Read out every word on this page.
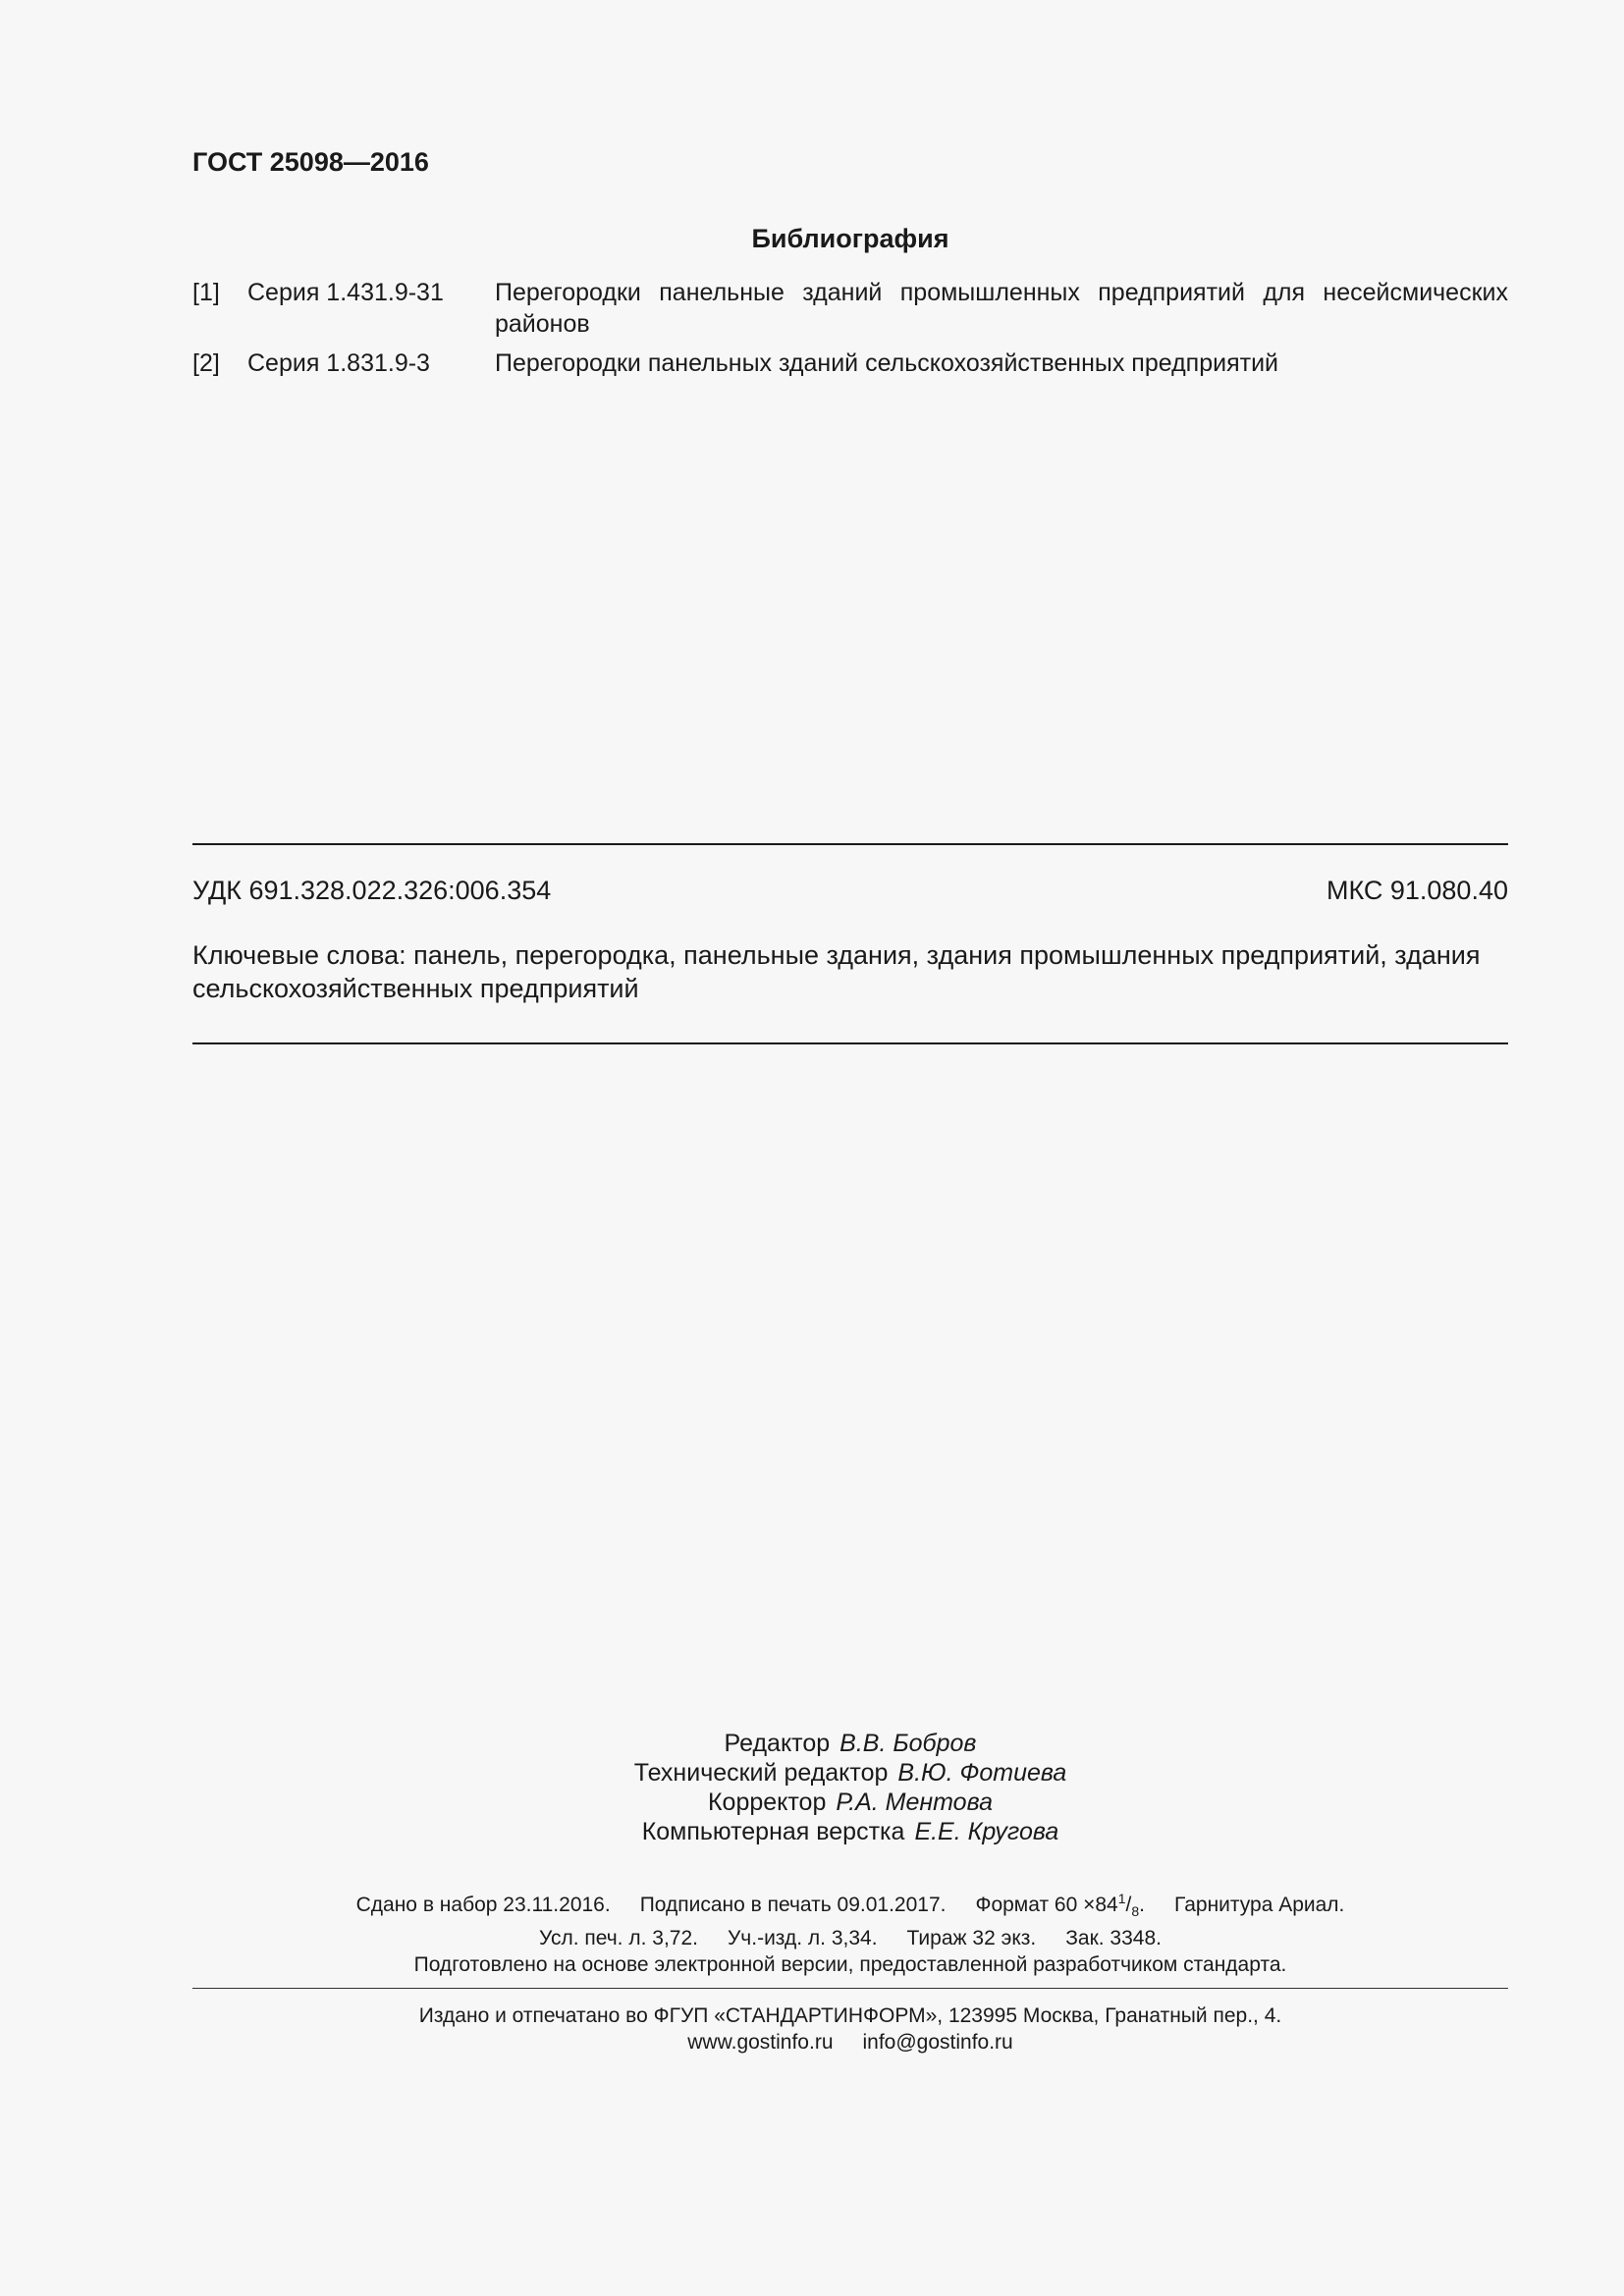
ГОСТ 25098—2016
Библиография
[1] Серия 1.431.9-31 Перегородки панельные зданий промышленных предприятий для несейсмических районов
[2] Серия 1.831.9-3	Перегородки панельных зданий сельскохозяйственных предприятий
УДК 691.328.022.326:006.354	МКС 91.080.40
Ключевые слова: панель, перегородка, панельные здания, здания промышленных предприятий, здания сельскохозяйственных предприятий
Редактор В.В. Бобров
Технический редактор В.Ю. Фотиева
Корректор Р.А. Ментова
Компьютерная верстка Е.Е. Кругова
Сдано в набор 23.11.2016. Подписано в печать 09.01.2017. Формат $60 \times 84^1/_8$. Гарнитура Ариал.
Усл. печ. л. 3,72. Уч.-изд. л. 3,34. Тираж 32 экз. Зак. 3348.
Подготовлено на основе электронной версии, предоставленной разработчиком стандарта.
Издано и отпечатано во ФГУП «СТАНДАРТИНФОРМ», 123995 Москва, Гранатный пер., 4.
www.gostinfo.ru info@gostinfo.ru
